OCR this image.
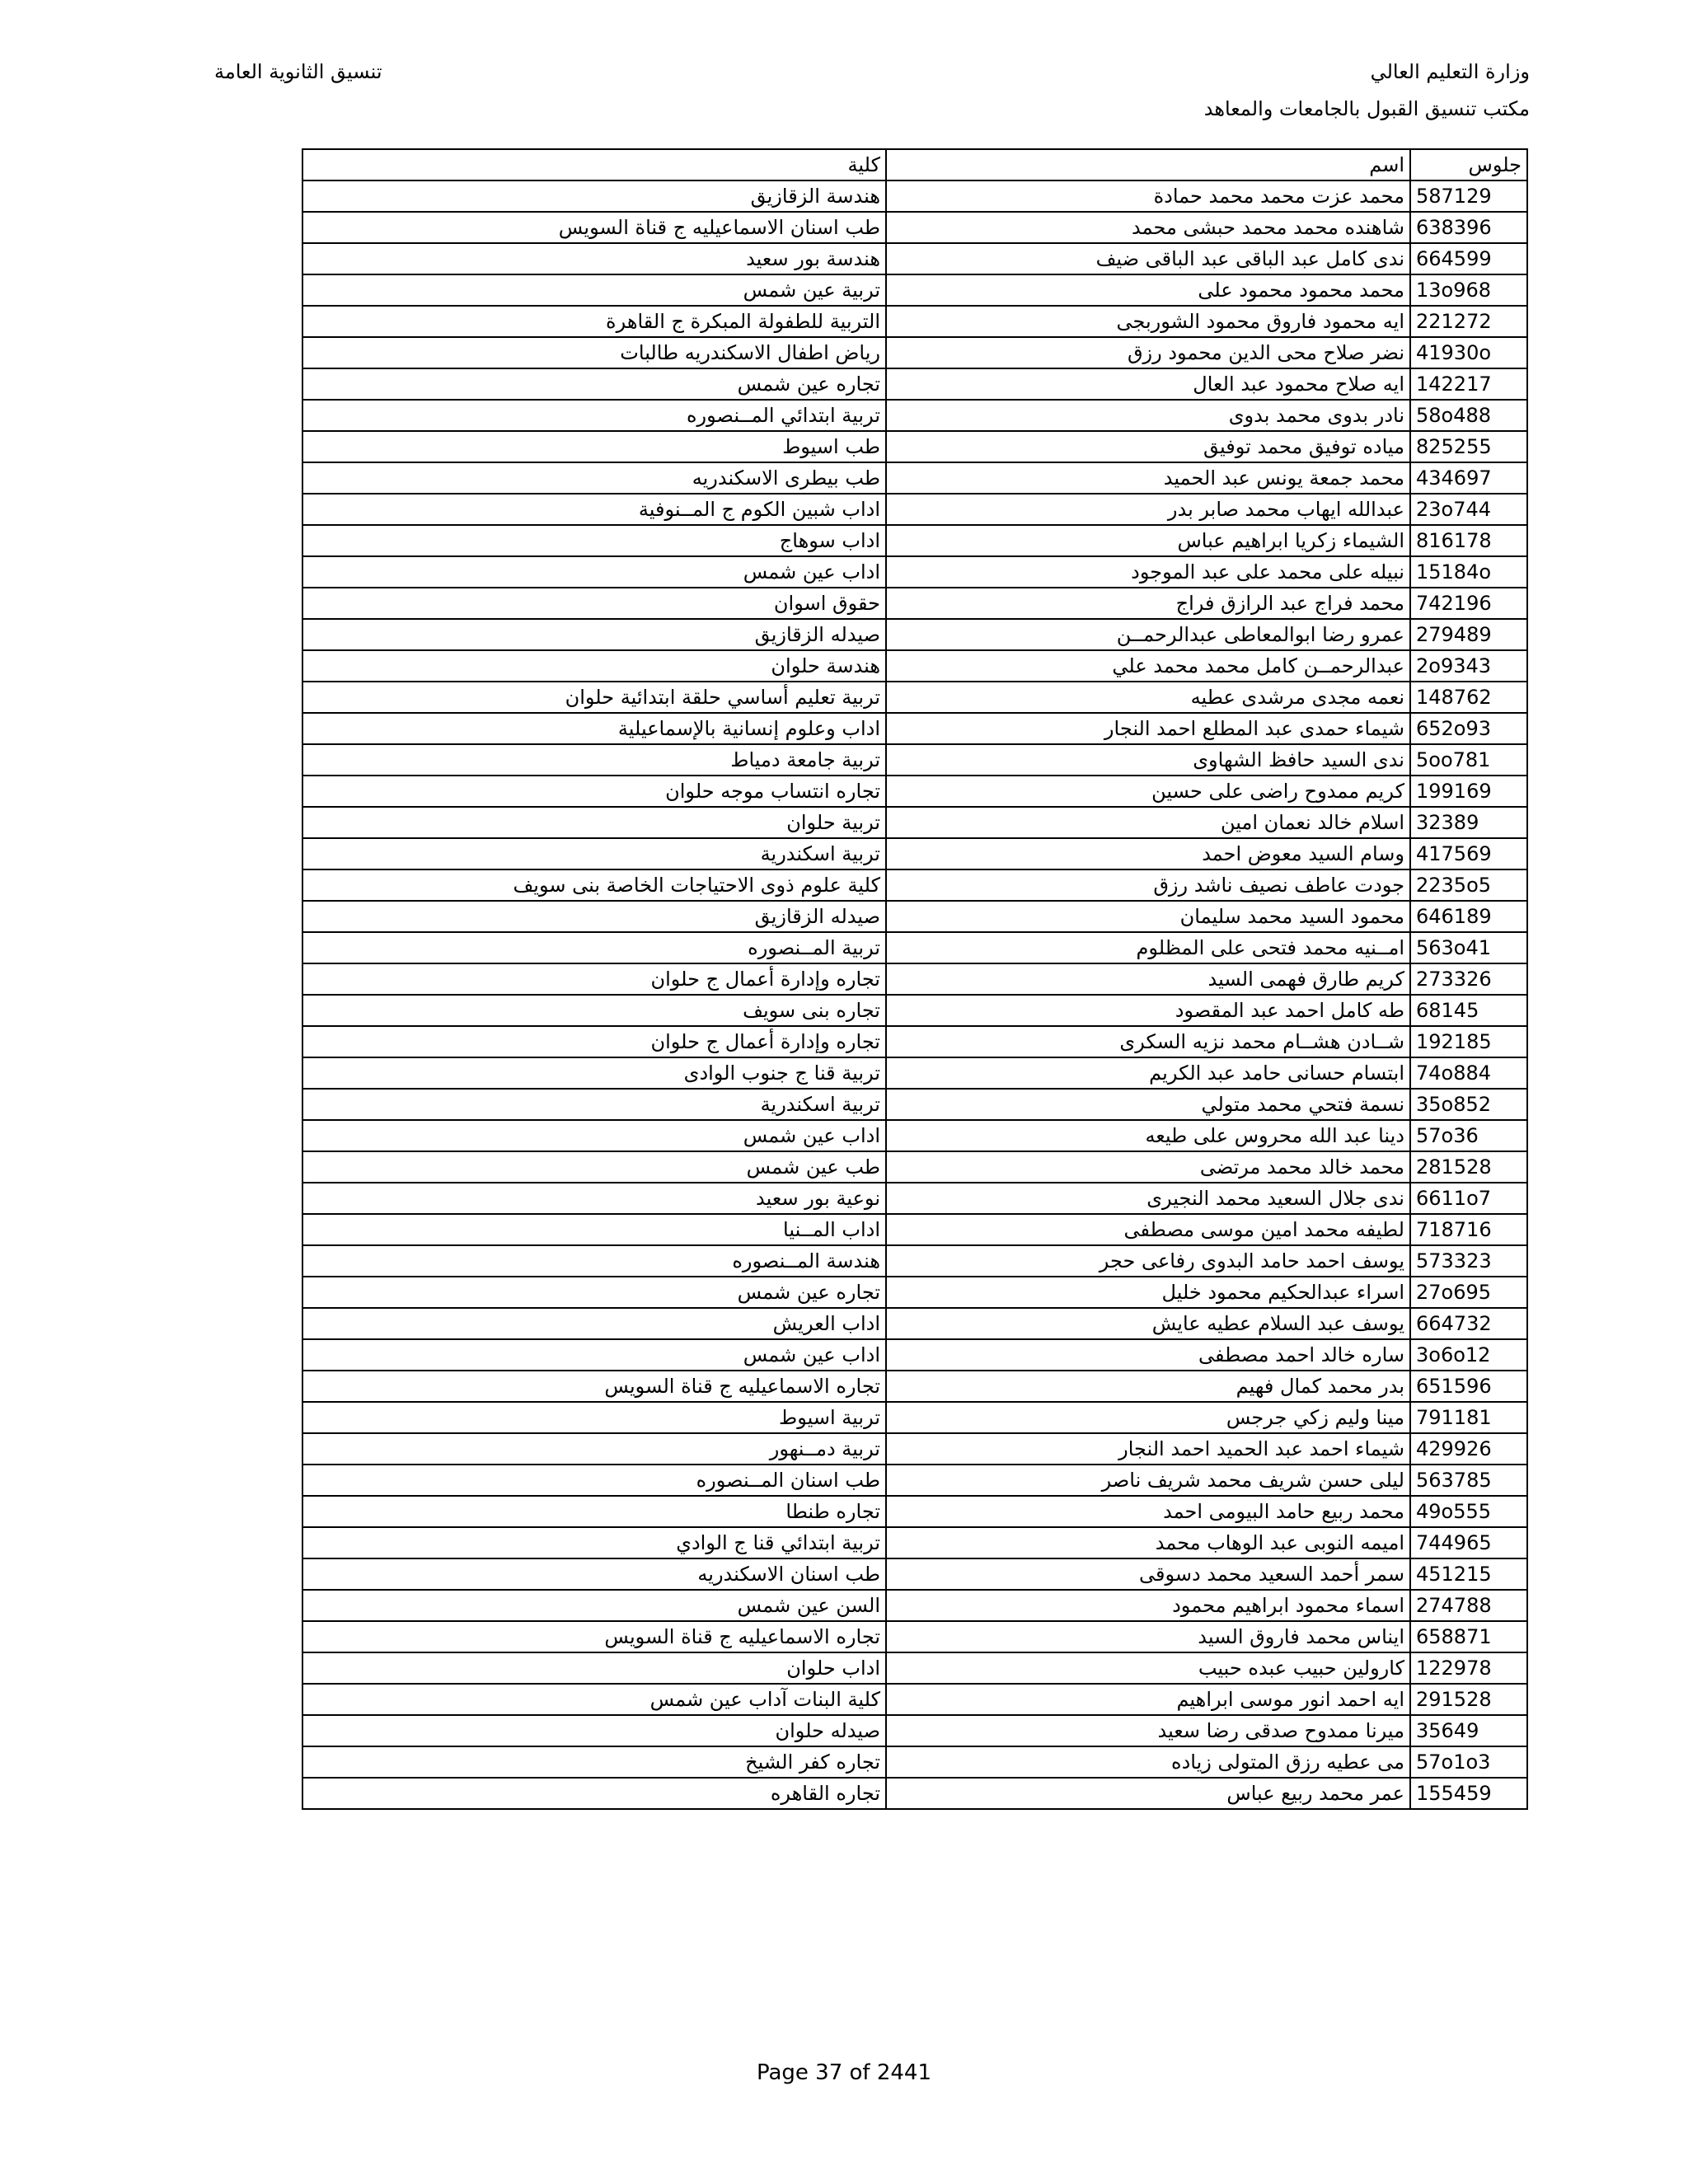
وزارة التعليم العالي
مكتب تنسيق القبول بالجامعات والمعاهد
تنسيق الثانوية العامة
جلوس	اسم	كلية
587129	محمد عزت محمد محمد حمادة	هندسة الزقازيق
638396	شاهنده محمد محمد حبشى محمد	طب اسنان الاسماعيليه ج قناة السويس
664599	ندى كامل عبد الباقى عبد الباقى ضيف	هندسة بور سعيد
13o968	محمد محمود محمود على	تربية عين شمس
221272	ايه محمود فاروق محمود الشوربجى	التربية للطفولة المبكرة ج القاهرة
41930o	نضر صلاح محى الدين محمود رزق	رياض اطفال الاسكندريه طالبات
142217	ايه صلاح محمود عبد العال	تجاره عين شمس
58o488	نادر بدوى محمد بدوى	تربية ابتدائي المــنصوره
825255	مياده توفيق محمد توفيق	طب اسيوط
434697	محمد جمعة يونس عبد الحميد	طب بيطرى الاسكندريه
23o744	عبدالله ايهاب محمد صابر بدر	اداب شبين الكوم ج المــنوفية
816178	الشيماء زكريا ابراهيم عباس	اداب سوهاج
15184o	نبيله على محمد على عبد الموجود	اداب عين شمس
742196	محمد فراج عبد الرازق فراج	حقوق اسوان
279489	عمرو رضا ابوالمعاطى عبدالرحمــن	صيدله الزقازيق
2o9343	عبدالرحمــن كامل محمد محمد علي	هندسة حلوان
148762	نعمه مجدى مرشدى عطيه	تربية تعليم أساسي حلقة ابتدائية حلوان
652o93	شيماء حمدى عبد المطلع احمد النجار	اداب وعلوم إنسانية بالإسماعيلية
5oo781	ندى السيد حافظ الشهاوى	تربية جامعة دمياط
199169	كريم ممدوح راضى على حسين	تجاره انتساب موجه حلوان
32389	اسلام خالد نعمان امين	تربية حلوان
417569	وسام السيد معوض احمد	تربية اسكندرية
2235o5	جودت عاطف نصيف ناشد رزق	كلية علوم ذوى الاحتياجات الخاصة بنى سويف
646189	محمود السيد محمد سليمان	صيدله الزقازيق
563o41	امــنيه محمد فتحى على المظلوم	تربية المــنصوره
273326	كريم طارق فهمى السيد	تجاره وإدارة أعمال ج حلوان
68145	طه كامل احمد عبد المقصود	تجاره بنى سويف
192185	شــادن هشــام محمد نزيه السكرى	تجاره وإدارة أعمال ج حلوان
74o884	ابتسام حسانى حامد عبد الكريم	تربية قنا ج جنوب الوادى
35o852	نسمة فتحي محمد متولي	تربية اسكندرية
57o36	دينا عبد الله محروس على طيعه	اداب عين شمس
281528	محمد خالد محمد مرتضى	طب عين شمس
6611o7	ندى جلال السعيد محمد النجيرى	نوعية بور سعيد
718716	لطيفه محمد امين موسى مصطفى	اداب المــنيا
573323	يوسف احمد حامد البدوى رفاعى حجر	هندسة المــنصوره
27o695	اسراء عبدالحكيم محمود خليل	تجاره عين شمس
664732	يوسف عبد السلام عطيه عايش	اداب العريش
3o6o12	ساره خالد احمد مصطفى	اداب عين شمس
651596	بدر محمد كمال فهيم	تجاره الاسماعيليه ج قناة السويس
791181	مينا وليم زكي جرجس	تربية اسيوط
429926	شيماء احمد عبد الحميد احمد النجار	تربية دمــنهور
563785	ليلى حسن شريف محمد شريف ناصر	طب اسنان المــنصوره
49o555	محمد ربيع حامد البيومى احمد	تجاره طنطا
744965	اميمه النوبى عبد الوهاب محمد	تربية ابتدائي قنا ج الوادي
451215	سمر أحمد السعيد محمد دسوقى	طب اسنان الاسكندريه
274788	اسماء محمود ابراهيم محمود	السن عين شمس
658871	ايناس محمد فاروق السيد	تجاره الاسماعيليه ج قناة السويس
122978	كارولين حبيب عبده حبيب	اداب حلوان
291528	ايه احمد انور موسى ابراهيم	كلية البنات آداب عين شمس
35649	ميرنا ممدوح صدقى رضا سعيد	صيدله حلوان
57o1o3	مى عطيه رزق المتولى زياده	تجاره كفر الشيخ
155459	عمر محمد ربيع عباس	تجاره القاهره
Page 37 of 2441
